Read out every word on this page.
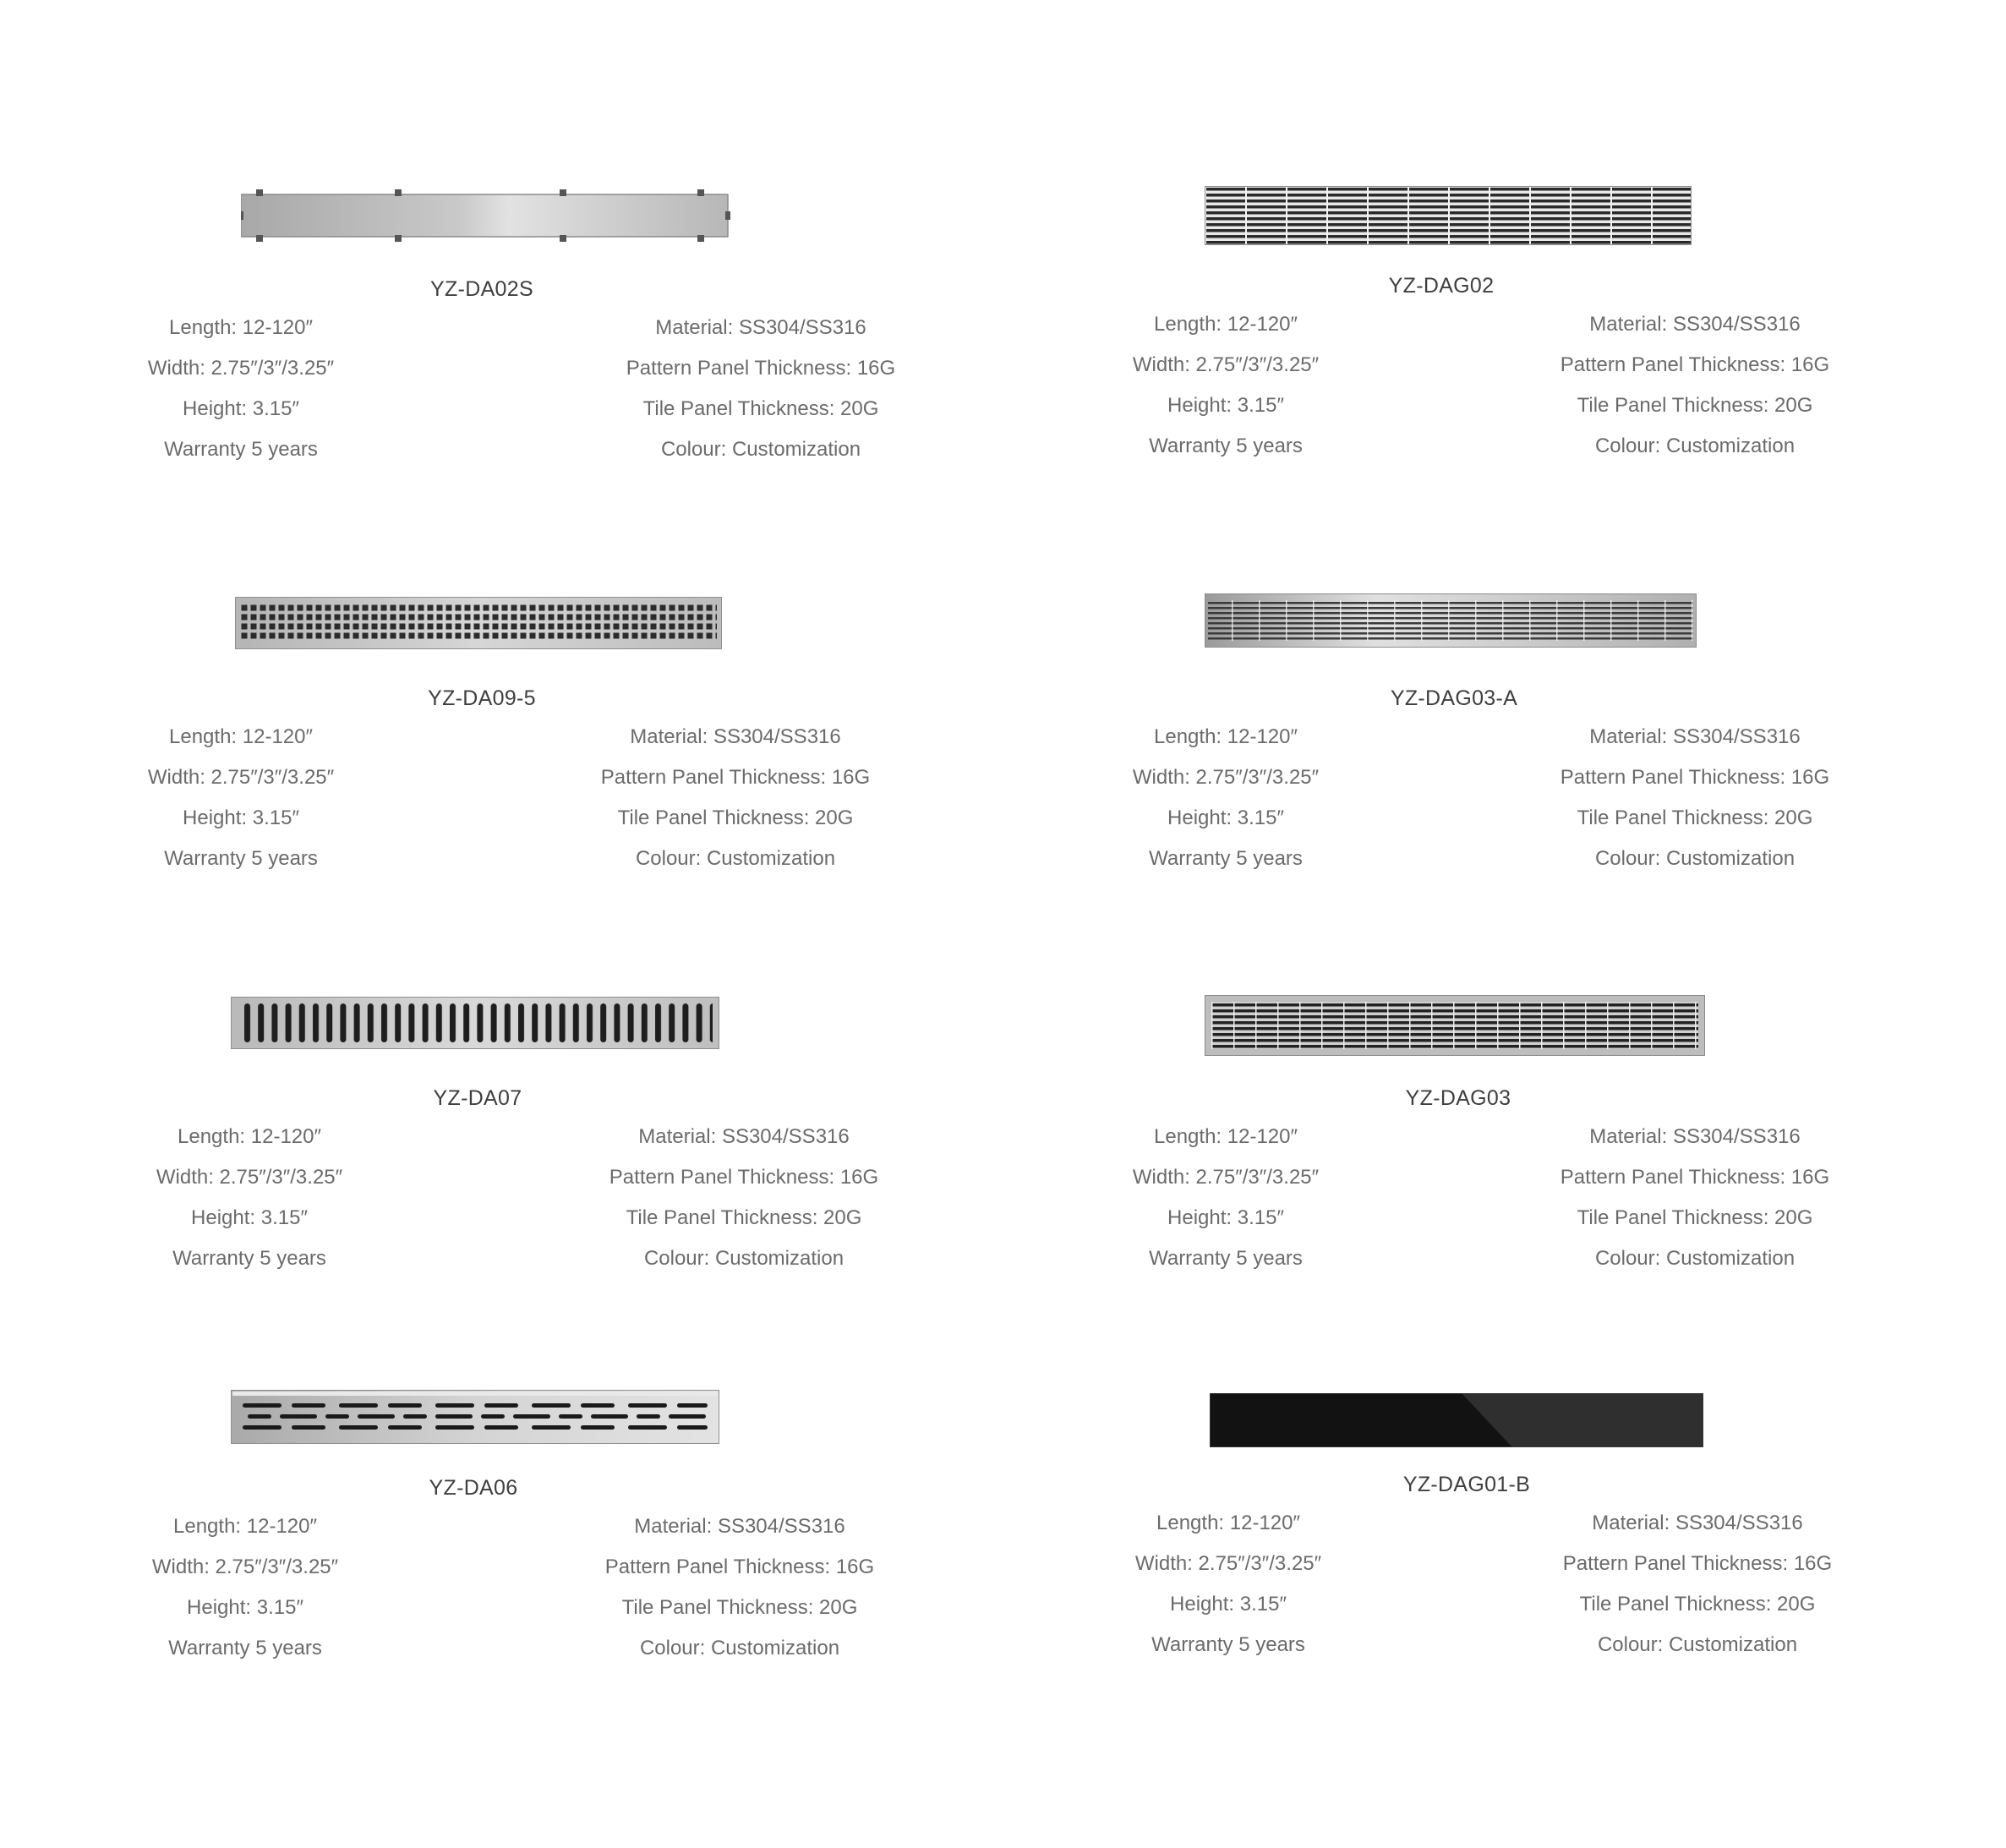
YZ-DA02S
Length: 12-120″
Width: 2.75″/3″/3.25″
Height: 3.15″
Warranty 5 years
Material: SS304/SS316
Pattern Panel Thickness: 16G
Tile Panel Thickness: 20G
Colour: Customization
YZ-DAG02
Length: 12-120″
Width: 2.75″/3″/3.25″
Height: 3.15″
Warranty 5 years
Material: SS304/SS316
Pattern Panel Thickness: 16G
Tile Panel Thickness: 20G
Colour: Customization
YZ-DA09-5
Length: 12-120″
Width: 2.75″/3″/3.25″
Height: 3.15″
Warranty 5 years
Material: SS304/SS316
Pattern Panel Thickness: 16G
Tile Panel Thickness: 20G
Colour: Customization
YZ-DAG03-A
Length: 12-120″
Width: 2.75″/3″/3.25″
Height: 3.15″
Warranty 5 years
Material: SS304/SS316
Pattern Panel Thickness: 16G
Tile Panel Thickness: 20G
Colour: Customization
YZ-DA07
Length: 12-120″
Width: 2.75″/3″/3.25″
Height: 3.15″
Warranty 5 years
Material: SS304/SS316
Pattern Panel Thickness: 16G
Tile Panel Thickness: 20G
Colour: Customization
YZ-DAG03
Length: 12-120″
Width: 2.75″/3″/3.25″
Height: 3.15″
Warranty 5 years
Material: SS304/SS316
Pattern Panel Thickness: 16G
Tile Panel Thickness: 20G
Colour: Customization
YZ-DA06
Length: 12-120″
Width: 2.75″/3″/3.25″
Height: 3.15″
Warranty 5 years
Material: SS304/SS316
Pattern Panel Thickness: 16G
Tile Panel Thickness: 20G
Colour: Customization
YZ-DAG01-B
Length: 12-120″
Width: 2.75″/3″/3.25″
Height: 3.15″
Warranty 5 years
Material: SS304/SS316
Pattern Panel Thickness: 16G
Tile Panel Thickness: 20G
Colour: Customization
